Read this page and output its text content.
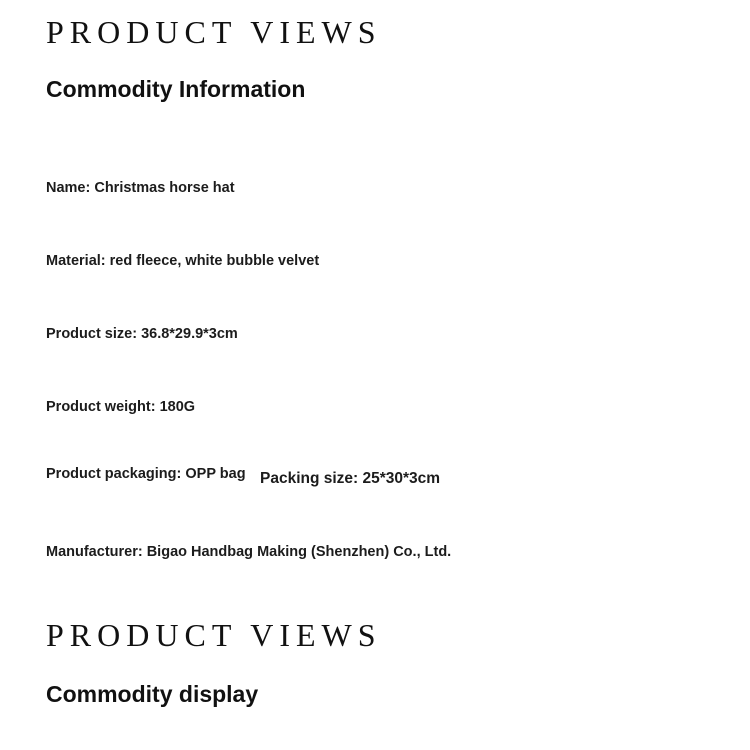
PRODUCT VIEWS
Commodity Information
Name: Christmas horse hat
Material: red fleece, white bubble velvet
Product size: 36.8*29.9*3cm
Product weight: 180G
Product packaging: OPP bag Packing size: 25*30*3cm
Manufacturer: Bigao Handbag Making (Shenzhen) Co., Ltd.
PRODUCT VIEWS
Commodity display
